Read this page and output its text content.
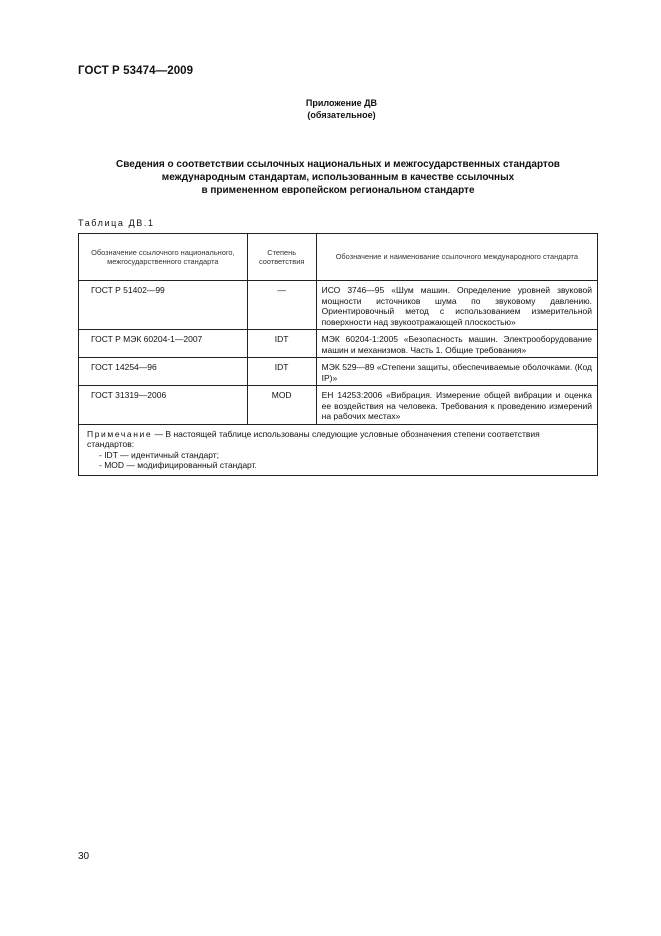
ГОСТ Р 53474—2009
Приложение ДВ
(обязательное)
Сведения о соответствии ссылочных национальных и межгосударственных стандартов
международным стандартам, использованным в качестве ссылочных
в примененном европейском региональном стандарте
Таблица ДВ.1
Обозначение ссылочного национального, межгосударственного стандарта	Степень соответствия	Обозначение и наименование ссылочного международного стандарта
ГОСТ Р 51402—99	—	ИСО 3746—95 «Шум машин. Определение уровней звуковой мощности источников шума по звуковому давлению. Ориентировочный метод с использованием измерительной поверхности над звукоотражающей плоскостью»
ГОСТ Р МЭК 60204-1—2007	IDT	МЭК 60204-1:2005 «Безопасность машин. Электрооборудование машин и механизмов. Часть 1. Общие требования»
ГОСТ 14254—96	IDT	МЭК 529—89 «Степени защиты, обеспечиваемые оболочками. (Код IP)»
ГОСТ 31319—2006	MOD	ЕН 14253:2006 «Вибрация. Измерение общей вибрации и оценка ее воздействия на человека. Требования к проведению измерений на рабочих местах»

Примечание — В настоящей таблице использованы следующие условные обозначения степени соответствия стандартов:
- IDT — идентичный стандарт;
- MOD — модифицированный стандарт.		
30
